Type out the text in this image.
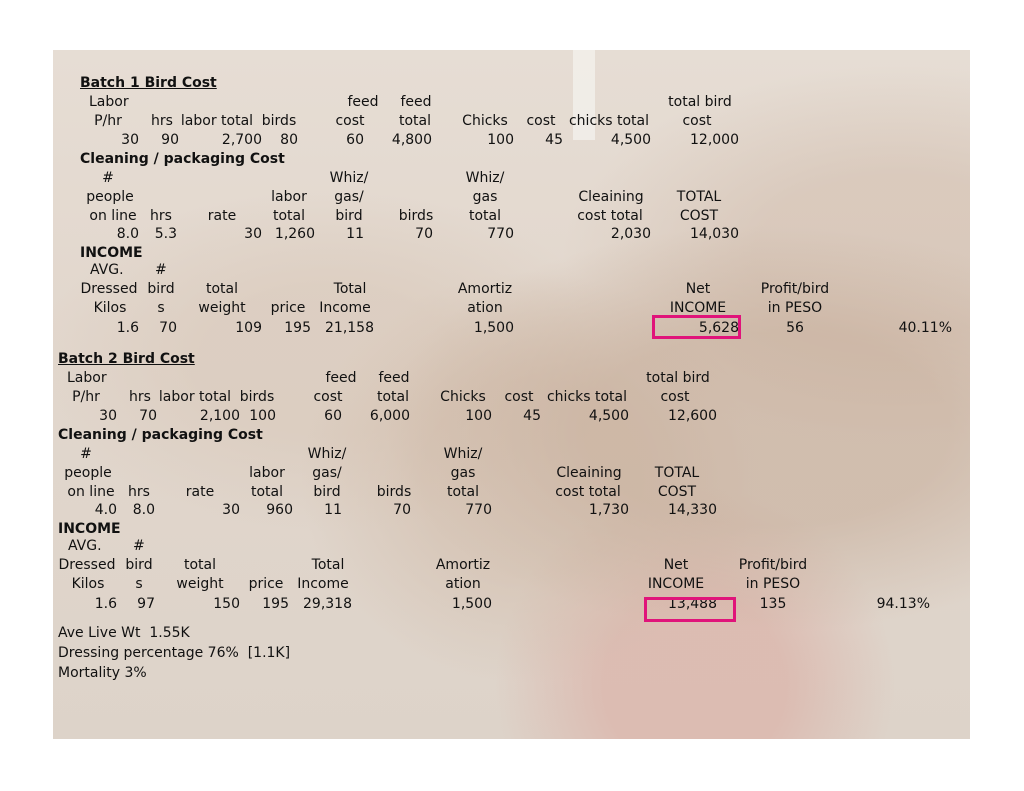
Batch 1 Bird Cost
Labor	feed	feed	total bird
P/hr	hrs labor total birds	cost	total	Chicks	cost chicks total	cost
30 90	2,700 80	60 4,800	100 45	4,500	12,000
Cleaning / packaging Cost
#	Whiz/	Whiz/
people	labor	gas/	gas	Cleaining	TOTAL
on line hrs	rate	total	bird	birds	total	cost total	COST
8.0 5.3	30 1,260 11	70	770	2,030	14,030
INCOME
AVG. #
Dressed bird	total	Total	Amortiz	Net	Profit/bird
Kilos	s	weight	price Income	ation	INCOME	in PESO
1.6 70	109 195 21,158	1,500	5,628	56	40.11%
Batch 2 Bird Cost
Labor	feed	feed	total bird
P/hr	hrs labor total birds	cost	total	Chicks	cost chicks total	cost
30 70	2,100 100	60 6,000	100 45	4,500	12,600
Cleaning / packaging Cost
#	Whiz/	Whiz/
people	labor	gas/	gas	Cleaining	TOTAL
on line hrs	rate	total	bird	birds	total	cost total	COST
4.0 8.0	30 960 11	70	770	1,730	14,330
INCOME
AVG. #
Dressed bird	total	Total	Amortiz	Net	Profit/bird
Kilos	s	weight	price Income	ation	INCOME	in PESO
1.6 97	150 195 29,318	1,500	13,488	135	94.13%
Ave Live Wt  1.55K
Dressing percentage 76%  [1.1K]
Mortality 3%
